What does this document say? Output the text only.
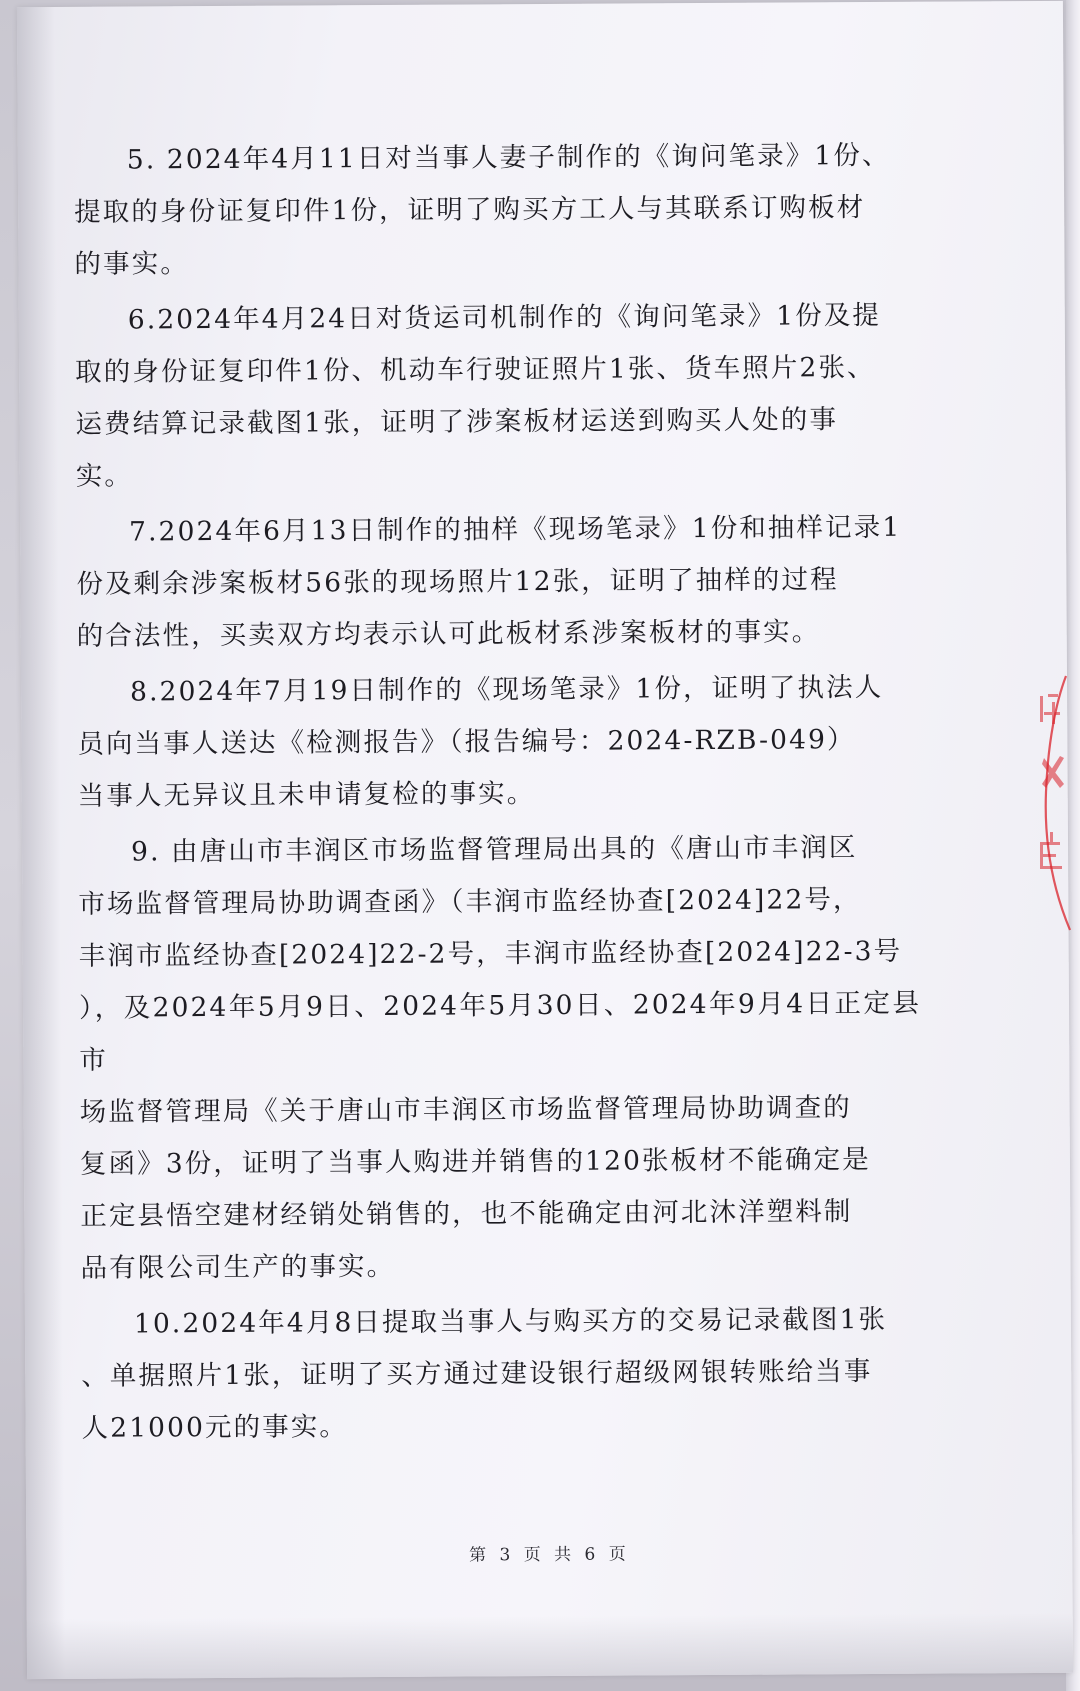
5. 2024年4月11日对当事人妻子制作的《询问笔录》1份、
提取的身份证复印件1份，证明了购买方工人与其联系订购板材
的事实。

6.2024年4月24日对货运司机制作的《询问笔录》1份及提
取的身份证复印件1份、机动车行驶证照片1张、货车照片2张、
运费结算记录截图1张，证明了涉案板材运送到购买人处的事
实。

7.2024年6月13日制作的抽样《现场笔录》1份和抽样记录1
份及剩余涉案板材56张的现场照片12张，证明了抽样的过程
的合法性，买卖双方均表示认可此板材系涉案板材的事实。

8.2024年7月19日制作的《现场笔录》1份，证明了执法人
员向当事人送达《检测报告》（报告编号：2024-RZB-049）
当事人无异议且未申请复检的事实。

9. 由唐山市丰润区市场监督管理局出具的《唐山市丰润区
市场监督管理局协助调查函》（丰润市监经协查[2024]22号，
丰润市监经协查[2024]22-2号，丰润市监经协查[2024]22-3号
），及2024年5月9日、2024年5月30日、2024年9月4日正定县市
场监督管理局《关于唐山市丰润区市场监督管理局协助调查的
复函》3份，证明了当事人购进并销售的120张板材不能确定是
正定县悟空建材经销处销售的，也不能确定由河北沐洋塑料制
品有限公司生产的事实。

10.2024年4月8日提取当事人与购买方的交易记录截图1张
、单据照片1张，证明了买方通过建设银行超级网银转账给当事
人21000元的事实。

第 3 页 共 6 页
